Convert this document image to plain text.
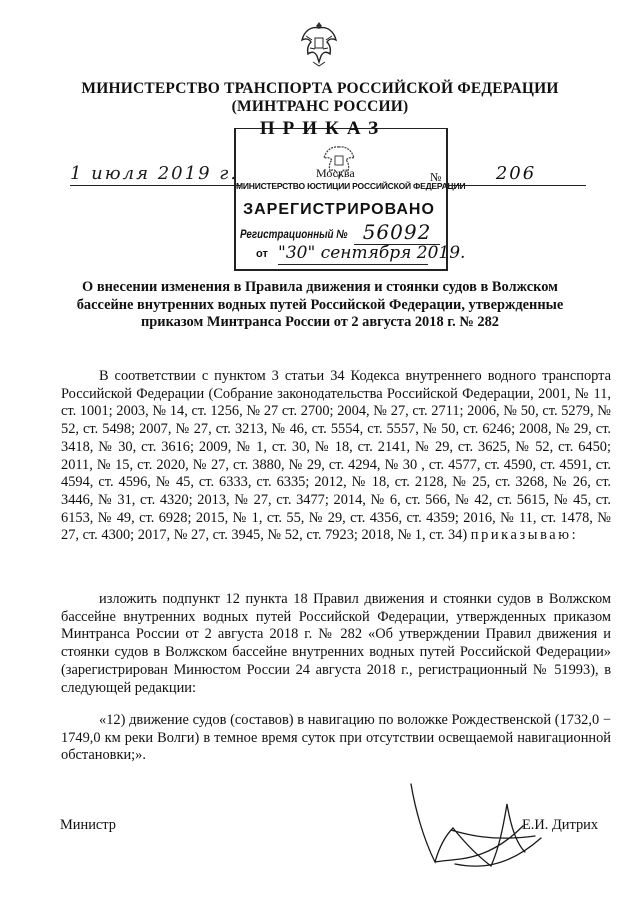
МИНИСТЕРСТВО ТРАНСПОРТА РОССИЙСКОЙ ФЕДЕРАЦИИ
(МИНТРАНС РОССИИ)
МИНИСТЕРСТВО ЮСТИЦИИ РОССИЙСКОЙ ФЕДЕРАЦИИ
ЗАРЕГИСТРИРОВАНО
Регистрационный № 56092
от "30" сентября 2019.
ПРИКАЗ
1 июля 2019 г.	Москва	№	206
О внесении изменения в Правила движения и стоянки судов в Волжском бассейне внутренних водных путей Российской Федерации, утвержденные приказом Минтранса России от 2 августа 2018 г. № 282
В соответствии с пунктом 3 статьи 34 Кодекса внутреннего водного транспорта Российской Федерации (Собрание законодательства Российской Федерации, 2001, № 11, ст. 1001; 2003, № 14, ст. 1256, № 27 ст. 2700; 2004, № 27, ст. 2711; 2006, № 50, ст. 5279, № 52, ст. 5498; 2007, № 27, ст. 3213, № 46, ст. 5554, ст. 5557, № 50, ст. 6246; 2008, № 29, ст. 3418, № 30, ст. 3616; 2009, № 1, ст. 30, № 18, ст. 2141, № 29, ст. 3625, № 52, ст. 6450; 2011, № 15, ст. 2020, № 27, ст. 3880, № 29, ст. 4294, № 30 , ст. 4577, ст. 4590, ст. 4591, ст. 4594, ст. 4596, № 45, ст. 6333, ст. 6335; 2012, № 18, ст. 2128, № 25, ст. 3268, № 26, ст. 3446, № 31, ст. 4320; 2013, № 27, ст. 3477; 2014, № 6, ст. 566, № 42, ст. 5615, № 45, ст. 6153, № 49, ст. 6928; 2015, № 1, ст. 55, № 29, ст. 4356, ст. 4359; 2016, № 11, ст. 1478, № 27, ст. 4300; 2017, № 27, ст. 3945, № 52, ст. 7923; 2018, № 1, ст. 34) приказываю:
изложить подпункт 12 пункта 18 Правил движения и стоянки судов в Волжском бассейне внутренних водных путей Российской Федерации, утвержденных приказом Минтранса России от 2 августа 2018 г. № 282 «Об утверждении Правил движения и стоянки судов в Волжском бассейне внутренних водных путей Российской Федерации» (зарегистрирован Минюстом России 24 августа 2018 г., регистрационный № 51993), в следующей редакции:
«12) движение судов (составов) в навигацию по воложке Рождественской (1732,0 − 1749,0 км реки Волги) в темное время суток при отсутствии освещаемой навигационной обстановки;».
Министр	Е.И. Дитрих
